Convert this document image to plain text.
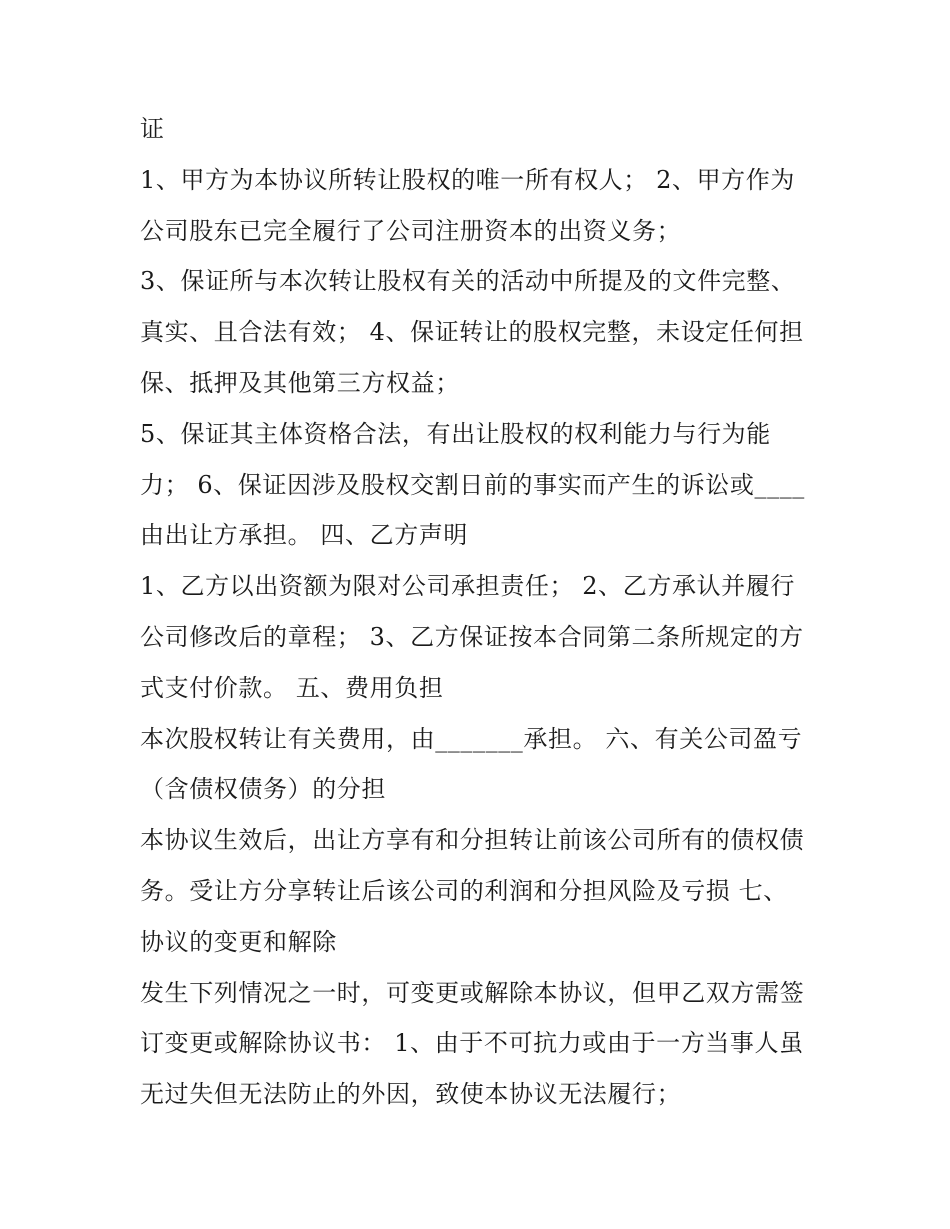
证
1、甲方为本协议所转让股权的唯一所有权人； 2、甲方作为
公司股东已完全履行了公司注册资本的出资义务；
3、保证所与本次转让股权有关的活动中所提及的文件完整、
真实、且合法有效； 4、保证转让的股权完整，未设定任何担
保、抵押及其他第三方权益；
5、保证其主体资格合法，有出让股权的权利能力与行为能
力； 6、保证因涉及股权交割日前的事实而产生的诉讼或____
由出让方承担。 四、乙方声明
1、乙方以出资额为限对公司承担责任； 2、乙方承认并履行
公司修改后的章程； 3、乙方保证按本合同第二条所规定的方
式支付价款。 五、费用负担
本次股权转让有关费用，由_______承担。 六、有关公司盈亏
（含债权债务）的分担
本协议生效后，出让方享有和分担转让前该公司所有的债权债
务。受让方分享转让后该公司的利润和分担风险及亏损 七、
协议的变更和解除
发生下列情况之一时，可变更或解除本协议，但甲乙双方需签
订变更或解除协议书： 1、由于不可抗力或由于一方当事人虽
无过失但无法防止的外因，致使本协议无法履行；
